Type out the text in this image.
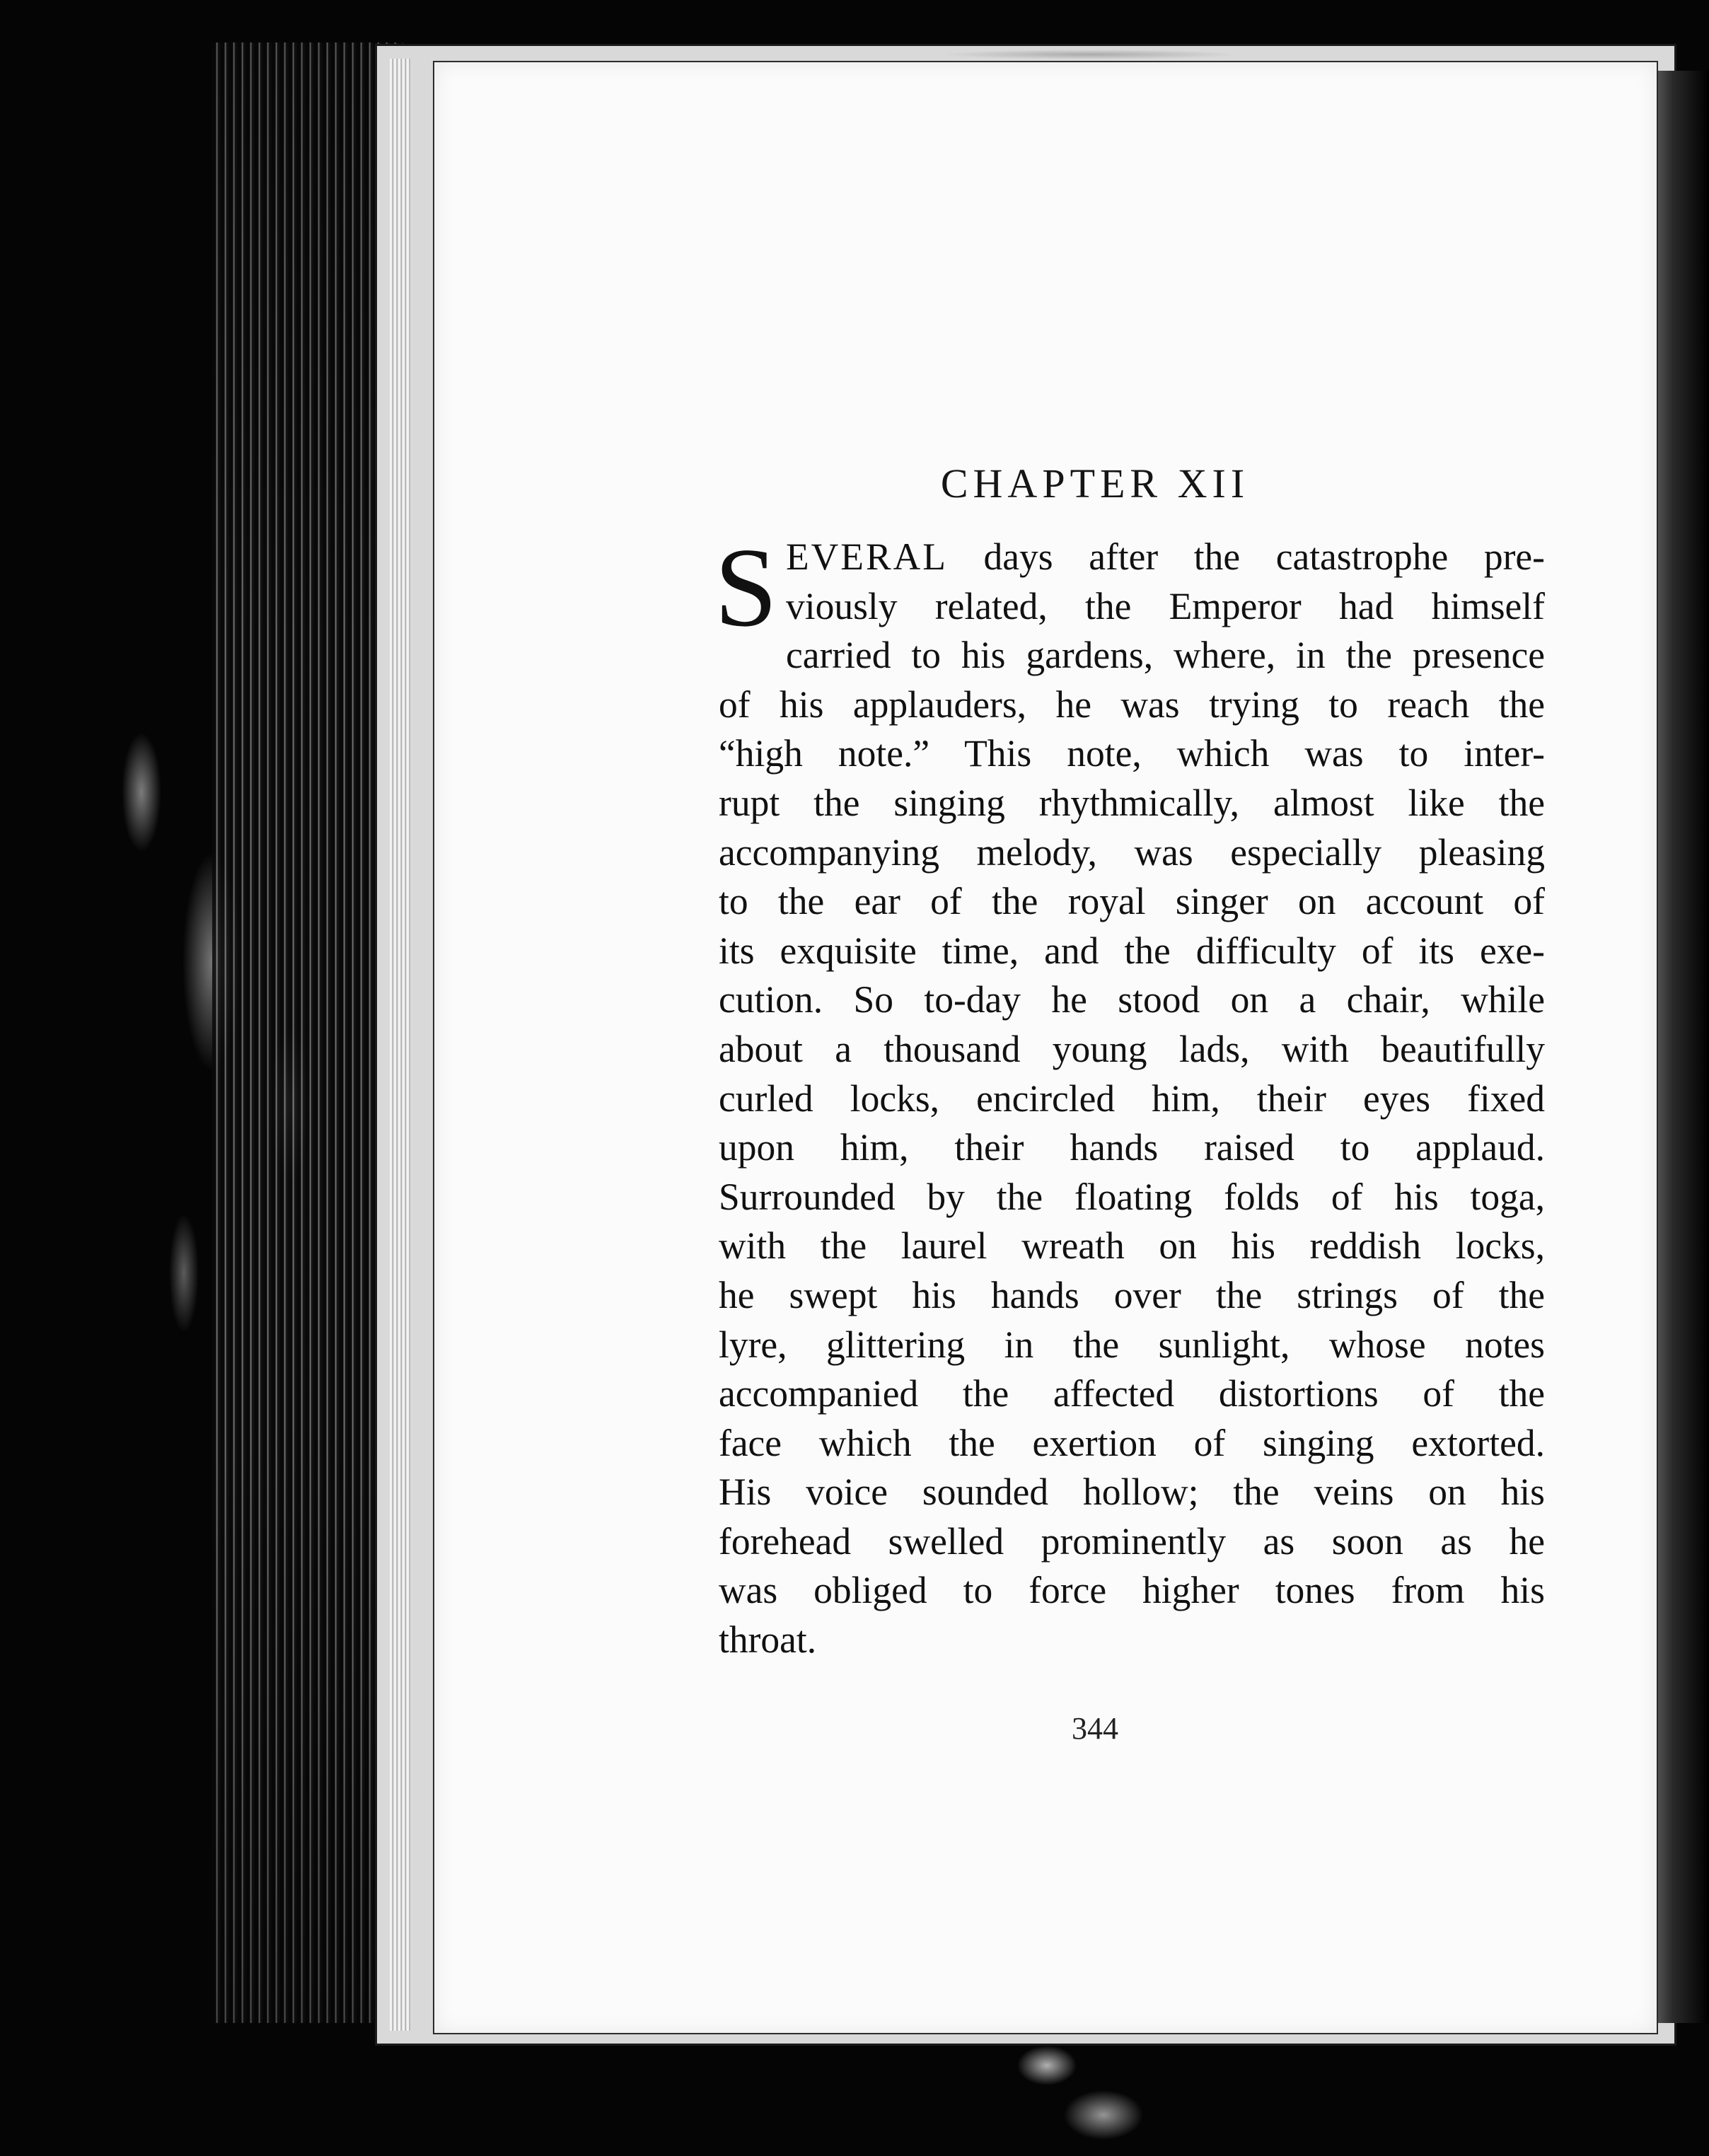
CHAPTER XII
S EVERAL days after the catastrophe pre-
viously related, the Emperor had himself
carried to his gardens, where, in the presence
of his applauders, he was trying to reach the
“high note.” This note, which was to inter-
rupt the singing rhythmically, almost like the
accompanying melody, was especially pleasing
to the ear of the royal singer on account of
its exquisite time, and the difficulty of its exe-
cution. So to-day he stood on a chair, while
about a thousand young lads, with beautifully
curled locks, encircled him, their eyes fixed
upon him, their hands raised to applaud.
Surrounded by the floating folds of his toga,
with the laurel wreath on his reddish locks,
he swept his hands over the strings of the
lyre, glittering in the sunlight, whose notes
accompanied the affected distortions of the
face which the exertion of singing extorted.
His voice sounded hollow; the veins on his
forehead swelled prominently as soon as he
was obliged to force higher tones from his
throat.
344
